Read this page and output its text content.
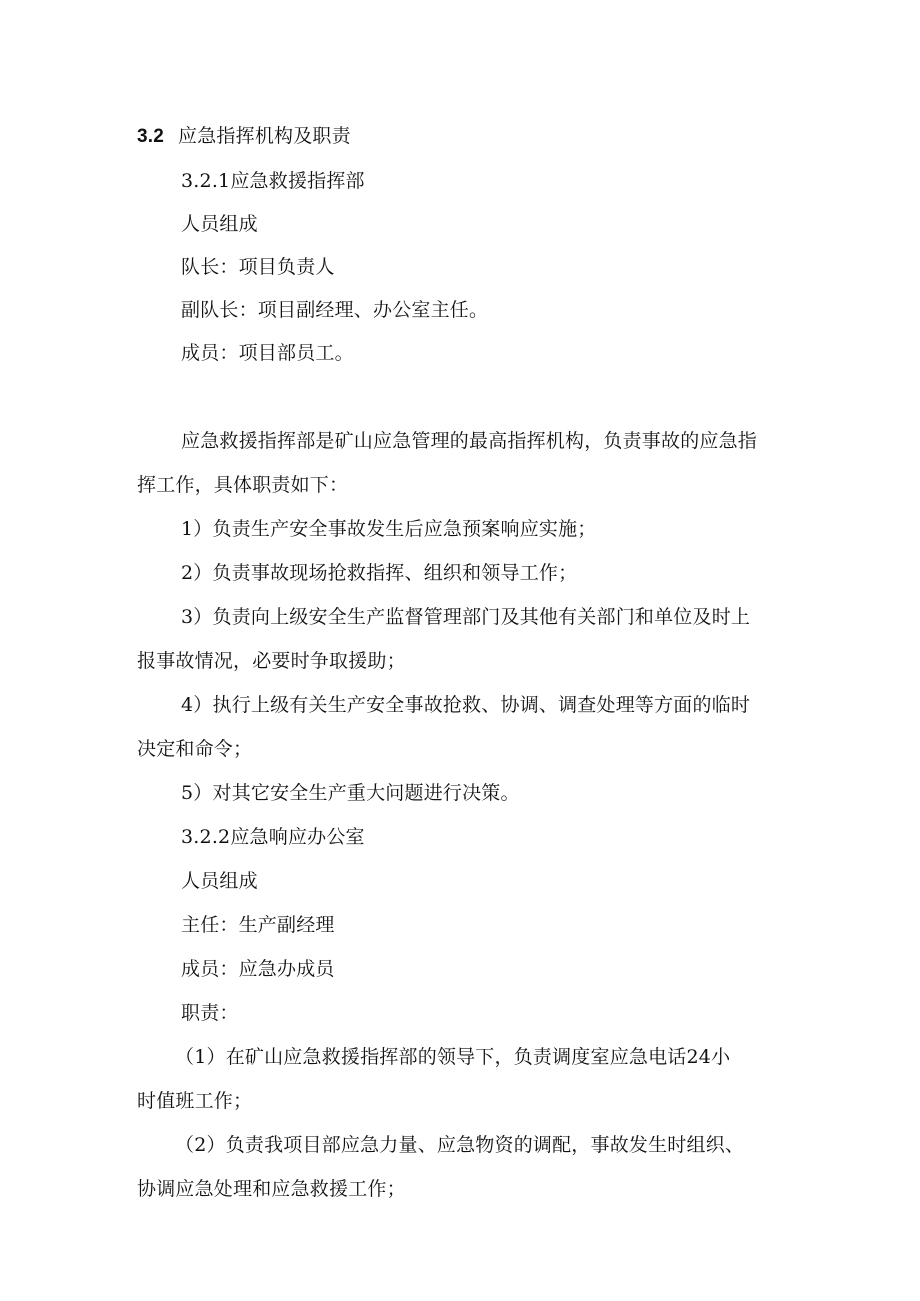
3.2 应急指挥机构及职责
3.2.1应急救援指挥部
人员组成
队长：项目负责人
副队长：项目副经理、办公室主任。
成员：项目部员工。
应急救援指挥部是矿山应急管理的最高指挥机构，负责事故的应急指
挥工作，具体职责如下：
1）负责生产安全事故发生后应急预案响应实施；
2）负责事故现场抢救指挥、组织和领导工作；
3）负责向上级安全生产监督管理部门及其他有关部门和单位及时上
报事故情况，必要时争取援助；
4）执行上级有关生产安全事故抢救、协调、调查处理等方面的临时
决定和命令；
5）对其它安全生产重大问题进行决策。
3.2.2应急响应办公室
人员组成
主任：生产副经理
成员：应急办成员
职责：
（1）在矿山应急救援指挥部的领导下，负责调度室应急电话24小
时值班工作；
（2）负责我项目部应急力量、应急物资的调配，事故发生时组织、
协调应急处理和应急救援工作；
